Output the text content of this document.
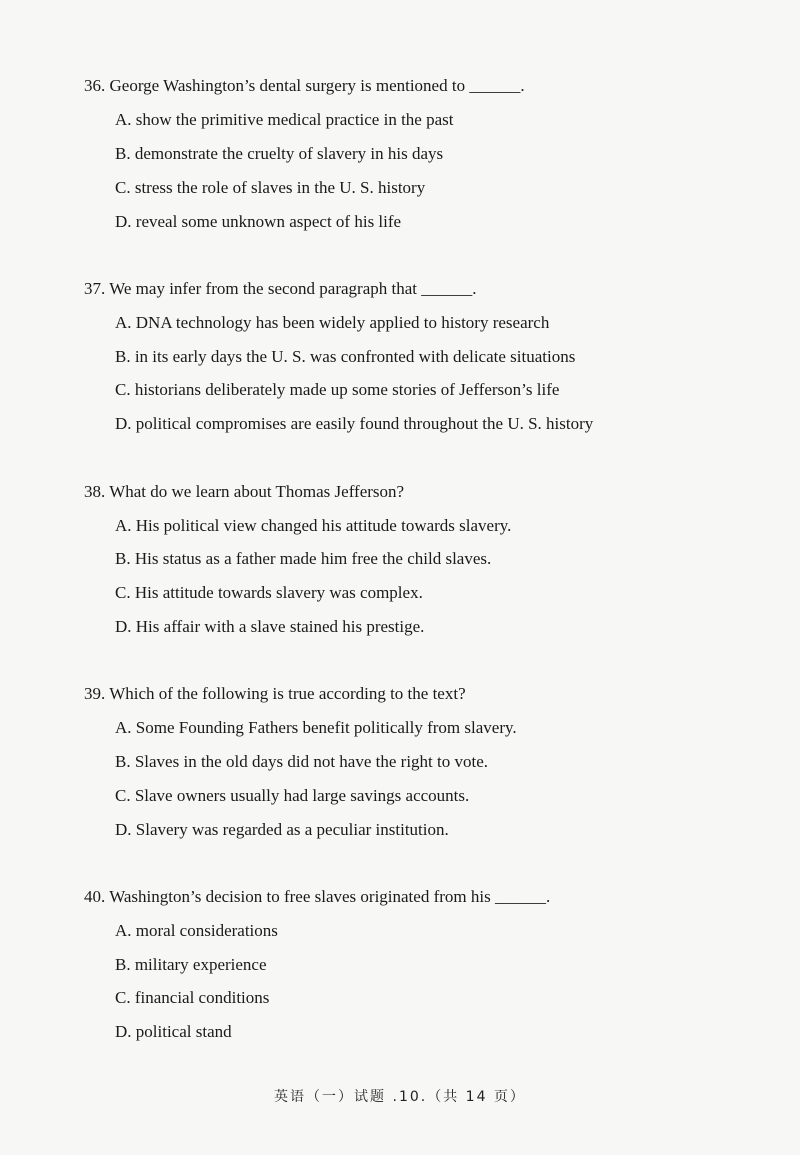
36. George Washington’s dental surgery is mentioned to ______.
A. show the primitive medical practice in the past
B. demonstrate the cruelty of slavery in his days
C. stress the role of slaves in the U. S. history
D. reveal some unknown aspect of his life
37. We may infer from the second paragraph that ______.
A. DNA technology has been widely applied to history research
B. in its early days the U. S. was confronted with delicate situations
C. historians deliberately made up some stories of Jefferson’s life
D. political compromises are easily found throughout the U. S. history
38. What do we learn about Thomas Jefferson?
A. His political view changed his attitude towards slavery.
B. His status as a father made him free the child slaves.
C. His attitude towards slavery was complex.
D. His affair with a slave stained his prestige.
39. Which of the following is true according to the text?
A. Some Founding Fathers benefit politically from slavery.
B. Slaves in the old days did not have the right to vote.
C. Slave owners usually had large savings accounts.
D. Slavery was regarded as a peculiar institution.
40. Washington’s decision to free slaves originated from his ______.
A. moral considerations
B. military experience
C. financial conditions
D. political stand
英语（一）试题 .10.（共 14 页）
